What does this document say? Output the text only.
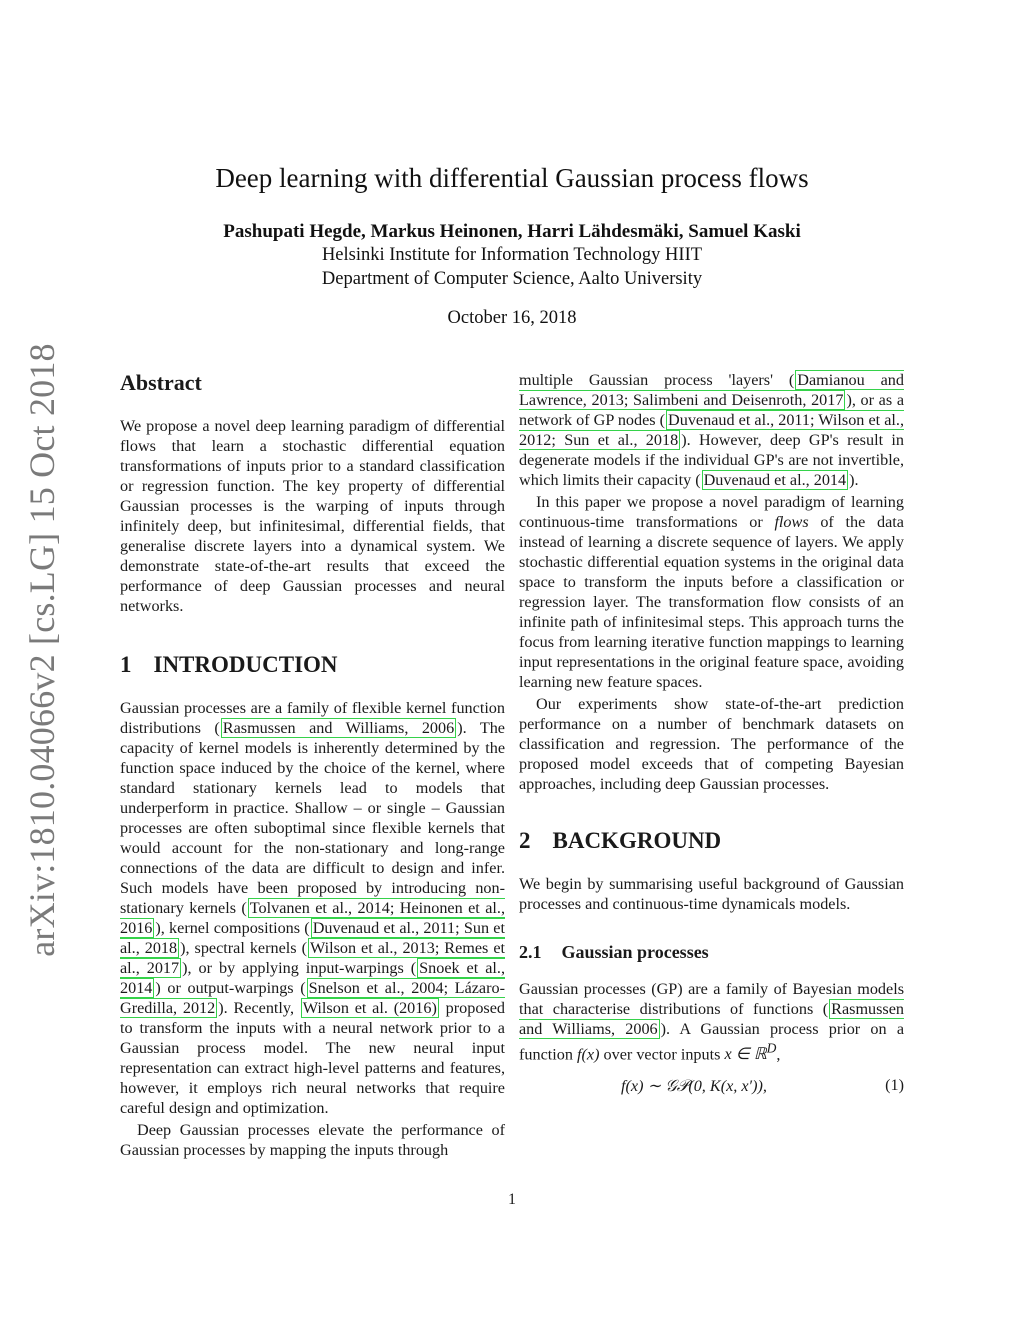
arXiv:1810.04066v2 [cs.LG] 15 Oct 2018
Deep learning with differential Gaussian process flows
Pashupati Hegde, Markus Heinonen, Harri Lähdesmäki, Samuel Kaski
Helsinki Institute for Information Technology HIIT
Department of Computer Science, Aalto University
October 16, 2018
Abstract

We propose a novel deep learning paradigm of differential flows that learn a stochastic differential equation transformations of inputs prior to a standard classification or regression function. The key property of differential Gaussian processes is the warping of inputs through infinitely deep, but infinitesimal, differential fields, that generalise discrete layers into a dynamical system. We demonstrate state-of-the-art results that exceed the performance of deep Gaussian processes and neural networks.

1 INTRODUCTION

Gaussian processes are a family of flexible kernel function distributions ( Rasmussen and Williams, 2006 ). The capacity of kernel models is inherently determined by the function space induced by the choice of the kernel, where standard stationary kernels lead to models that underperform in practice. Shallow – or single – Gaussian processes are often suboptimal since flexible kernels that would account for the non-stationary and long-range connections of the data are difficult to design and infer. Such models have been proposed by introducing non-stationary kernels ( Tolvanen et al., 2014; Heinonen et al., 2016 ), kernel compositions ( Duvenaud et al., 2011; Sun et al., 2018 ), spectral kernels ( Wilson et al., 2013; Remes et al., 2017 ), or by applying input-warpings ( Snoek et al., 2014 ) or output-warpings ( Snelson et al., 2004; Lázaro-Gredilla, 2012 ). Recently, Wilson et al. (2016) proposed to transform the inputs with a neural network prior to a Gaussian process model. The new neural input representation can extract high-level patterns and features, however, it employs rich neural networks that require careful design and optimization.

Deep Gaussian processes elevate the performance of Gaussian processes by mapping the inputs through

multiple Gaussian process 'layers' ( Damianou and Lawrence, 2013; Salimbeni and Deisenroth, 2017 ), or as a network of GP nodes ( Duvenaud et al., 2011; Wilson et al., 2012; Sun et al., 2018 ). However, deep GP's result in degenerate models if the individual GP's are not invertible, which limits their capacity ( Duvenaud et al., 2014 ).

In this paper we propose a novel paradigm of learning continuous-time transformations or flows of the data instead of learning a discrete sequence of layers. We apply stochastic differential equation systems in the original data space to transform the inputs before a classification or regression layer. The transformation flow consists of an infinite path of infinitesimal steps. This approach turns the focus from learning iterative function mappings to learning input representations in the original feature space, avoiding learning new feature spaces.

Our experiments show state-of-the-art prediction performance on a number of benchmark datasets on classification and regression. The performance of the proposed model exceeds that of competing Bayesian approaches, including deep Gaussian processes.

2 BACKGROUND

We begin by summarising useful background of Gaussian processes and continuous-time dynamicals models.

2.1 Gaussian processes

Gaussian processes (GP) are a family of Bayesian models that characterise distributions of functions ( Rasmussen and Williams, 2006 ). A Gaussian process prior on a function f(x) over vector inputs x ∈ ℝ$^D$,

f(x) ∼ 𝒢𝒫(0, K(x, x′)),	(1)
1
